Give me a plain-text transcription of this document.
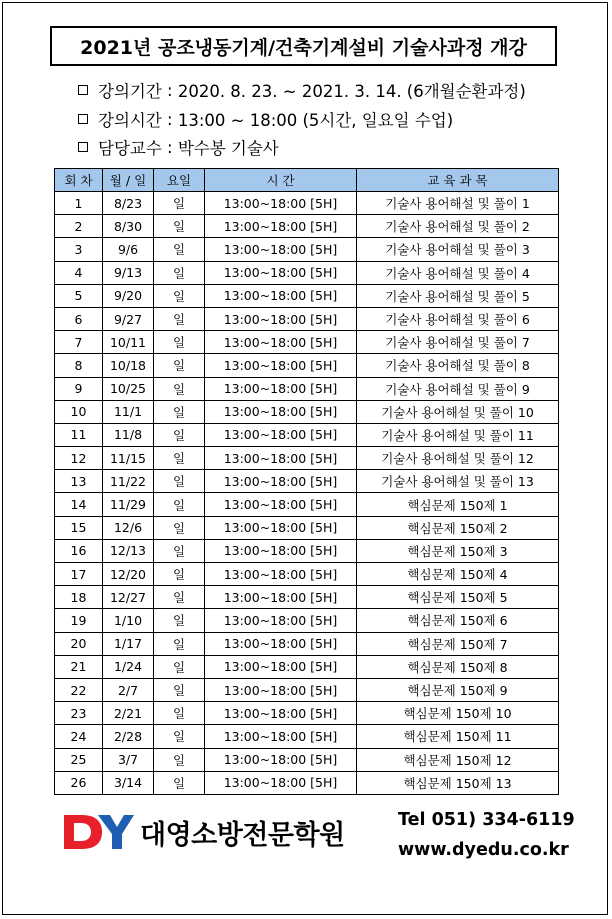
2021년 공조냉동기계/건축기계설비 기술사과정 개강
강의기간 : 2020. 8. 23. ~ 2021. 3. 14. (6개월순환과정)
강의시간 : 13:00 ~ 18:00 (5시간, 일요일 수업)
담당교수 : 박수봉 기술사
회 차	월 / 일	요일	시 간	교 육 과 목
1	8/23	일	13:00~18:00 [5H]	기술사 용어해설 및 풀이 1
2	8/30	일	13:00~18:00 [5H]	기술사 용어해설 및 풀이 2
3	9/6	일	13:00~18:00 [5H]	기술사 용어해설 및 풀이 3
4	9/13	일	13:00~18:00 [5H]	기술사 용어해설 및 풀이 4
5	9/20	일	13:00~18:00 [5H]	기술사 용어해설 및 풀이 5
6	9/27	일	13:00~18:00 [5H]	기술사 용어해설 및 풀이 6
7	10/11	일	13:00~18:00 [5H]	기술사 용어해설 및 풀이 7
8	10/18	일	13:00~18:00 [5H]	기술사 용어해설 및 풀이 8
9	10/25	일	13:00~18:00 [5H]	기술사 용어해설 및 풀이 9
10	11/1	일	13:00~18:00 [5H]	기술사 용어해설 및 풀이 10
11	11/8	일	13:00~18:00 [5H]	기술사 용어해설 및 풀이 11
12	11/15	일	13:00~18:00 [5H]	기술사 용어해설 및 풀이 12
13	11/22	일	13:00~18:00 [5H]	기술사 용어해설 및 풀이 13
14	11/29	일	13:00~18:00 [5H]	핵심문제 150제 1
15	12/6	일	13:00~18:00 [5H]	핵심문제 150제 2
16	12/13	일	13:00~18:00 [5H]	핵심문제 150제 3
17	12/20	일	13:00~18:00 [5H]	핵심문제 150제 4
18	12/27	일	13:00~18:00 [5H]	핵심문제 150제 5
19	1/10	일	13:00~18:00 [5H]	핵심문제 150제 6
20	1/17	일	13:00~18:00 [5H]	핵심문제 150제 7
21	1/24	일	13:00~18:00 [5H]	핵심문제 150제 8
22	2/7	일	13:00~18:00 [5H]	핵심문제 150제 9
23	2/21	일	13:00~18:00 [5H]	핵심문제 150제 10
24	2/28	일	13:00~18:00 [5H]	핵심문제 150제 11
25	3/7	일	13:00~18:00 [5H]	핵심문제 150제 12
26	3/14	일	13:00~18:00 [5H]	핵심문제 150제 13
대영소방전문학원	Tel 051) 334-6119
www.dyedu.co.kr
